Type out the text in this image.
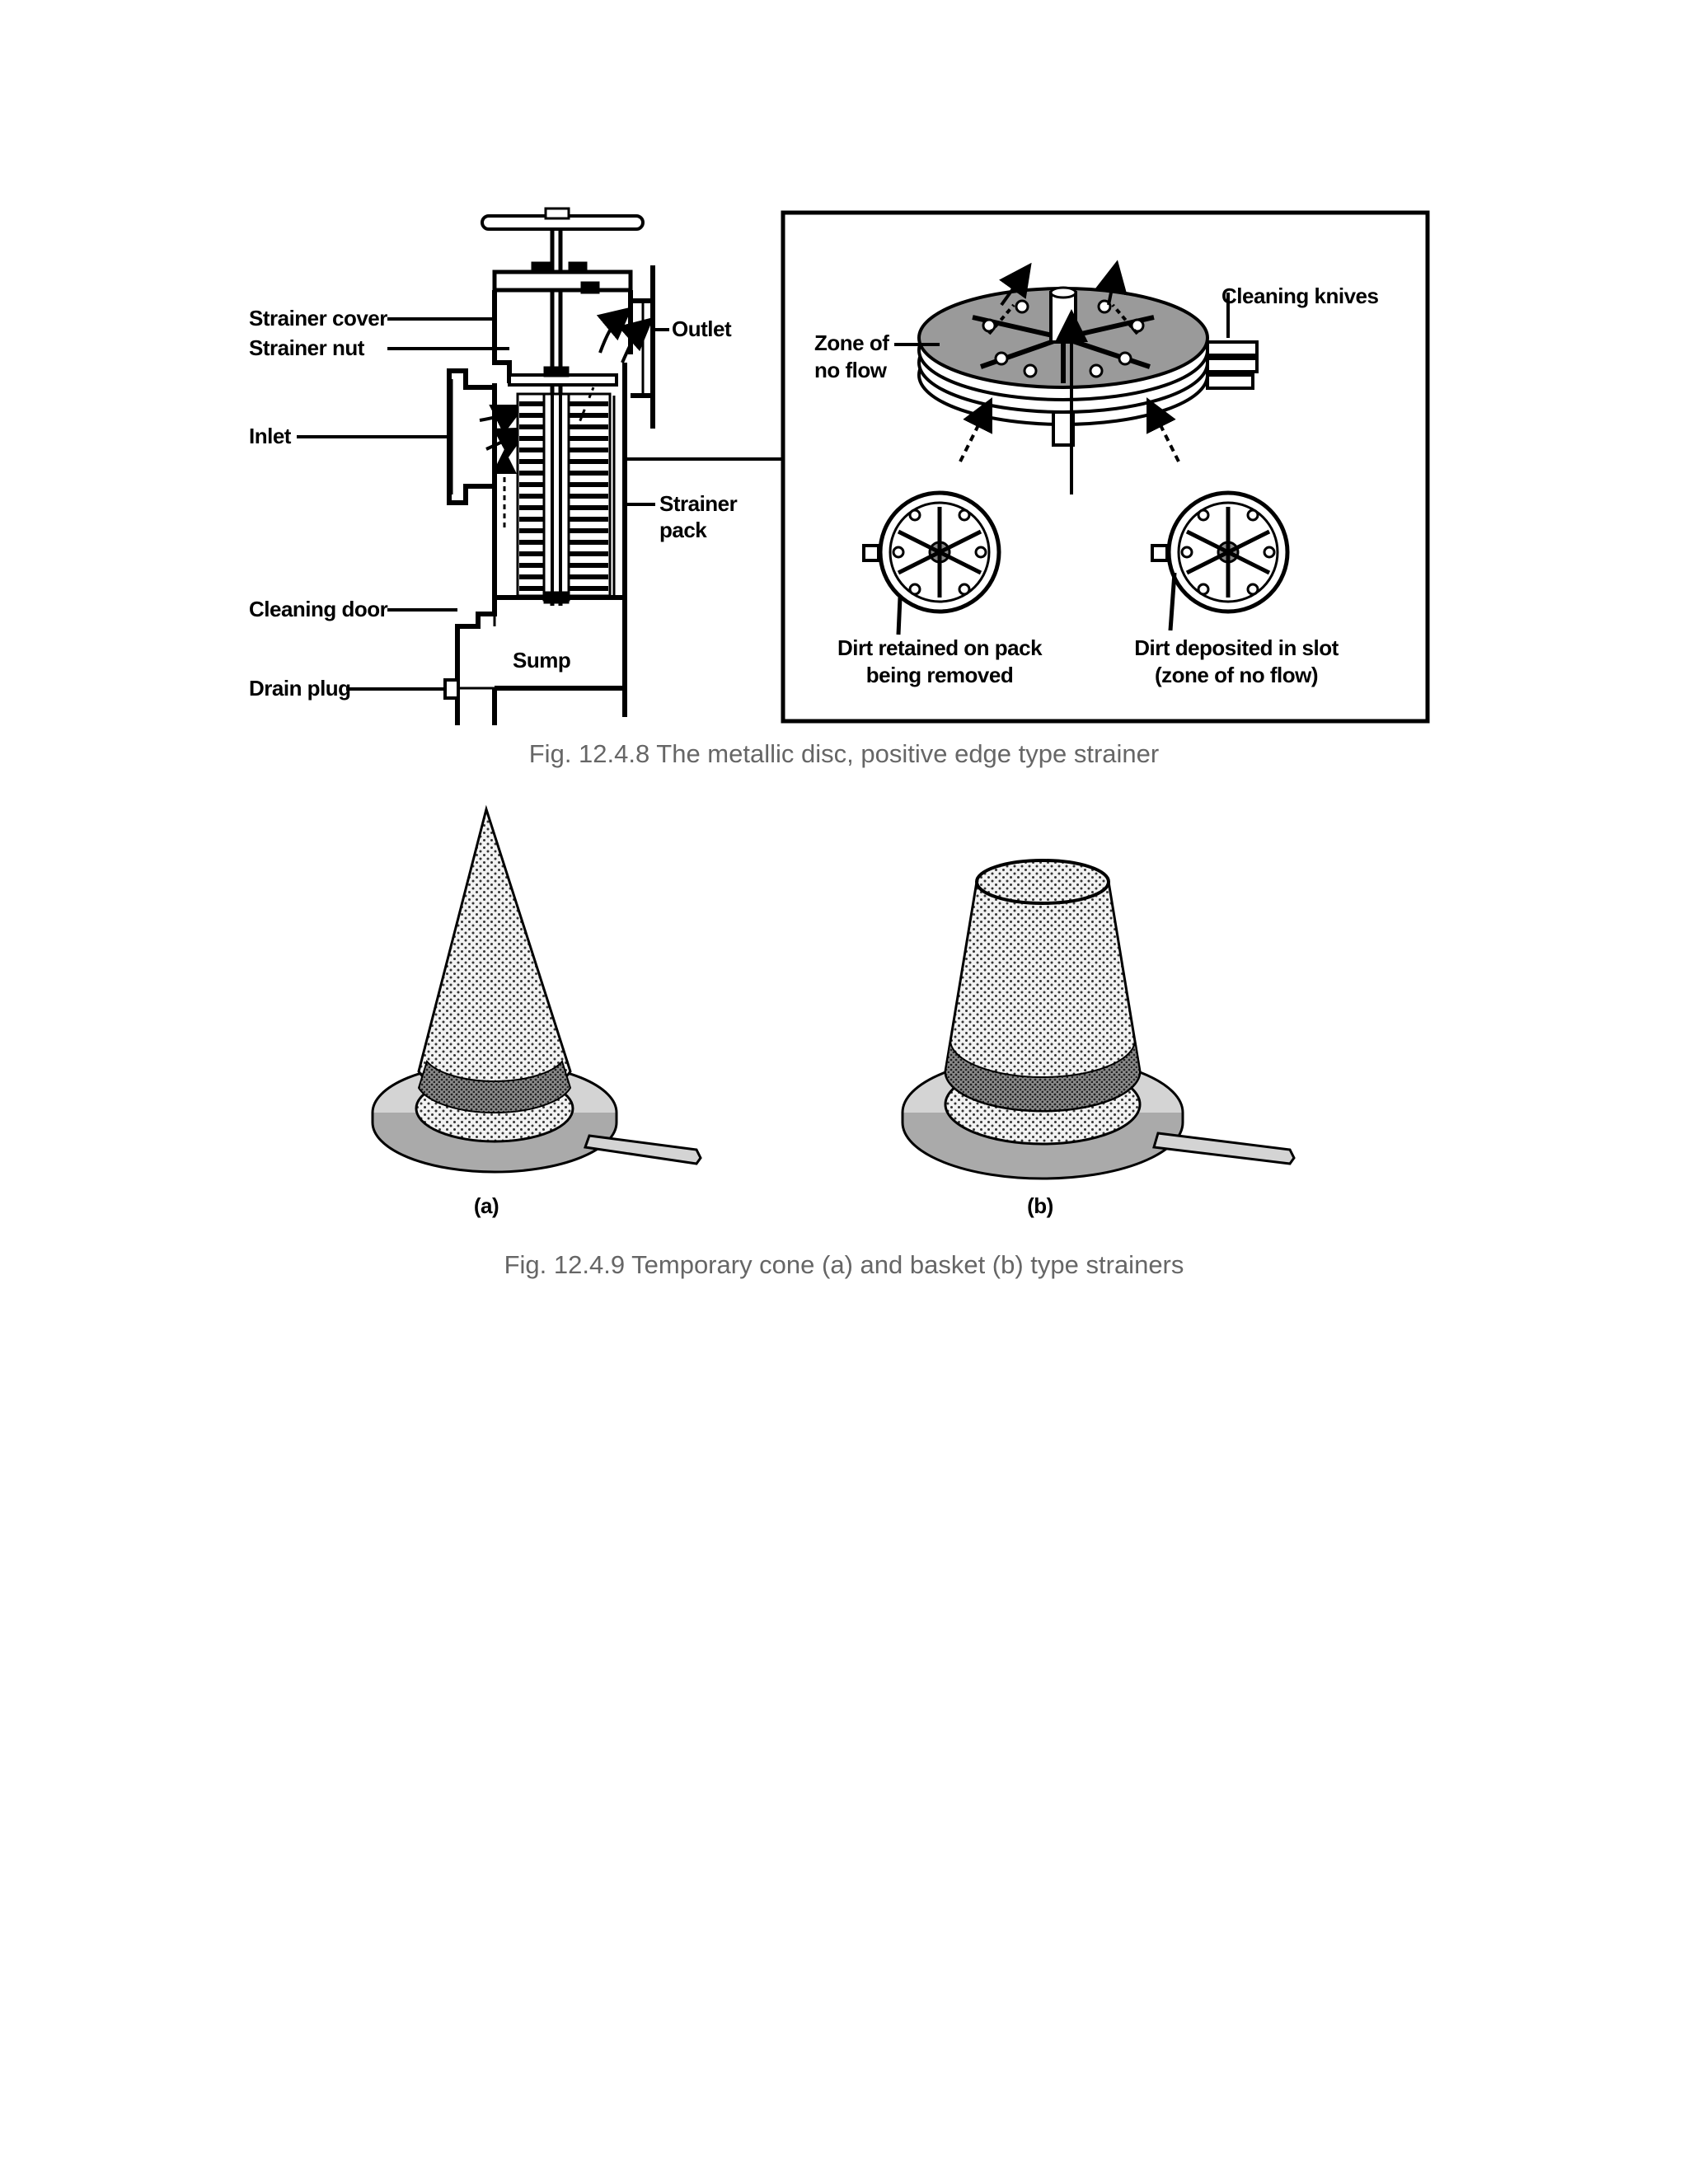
Strainer cover
Strainer nut
Inlet
Outlet
Strainer
pack
Cleaning door
Drain plug
Sump
Zone of
no flow
Cleaning knives
Dirt retained on pack
being removed
Dirt deposited in slot
(zone of no flow)
(a)	(b)
Fig. 12.4.8 The metallic disc, positive edge type strainer
Fig. 12.4.9 Temporary cone (a) and basket (b) type strainers
